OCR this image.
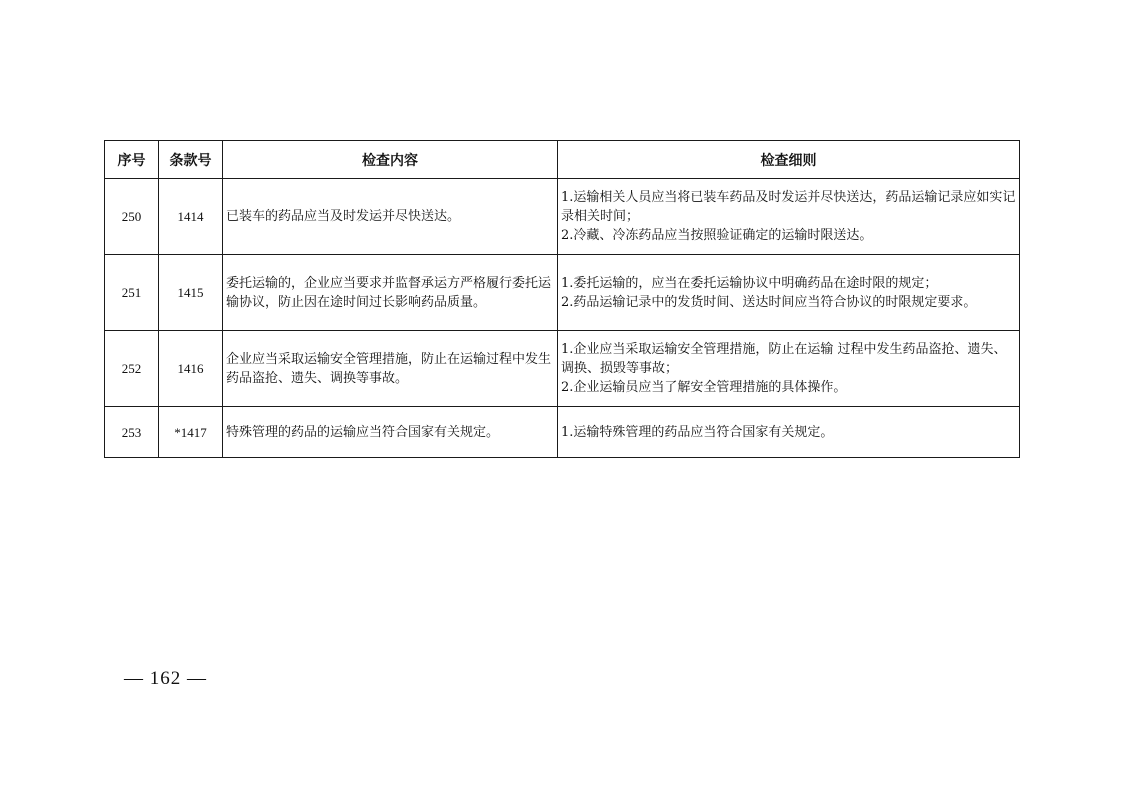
序号	条款号	检查内容	检查细则
250	1414	已装车的药品应当及时发运并尽快送达。	1.运输相关人员应当将已装车药品及时发运并尽快送达，药品运输记录应如实记录相关时间；
2.冷藏、冷冻药品应当按照验证确定的运输时限送达。

251	1415	委托运输的，企业应当要求并监督承运方严格履行委托运输协议，防止因在途时间过长影响药品质量。	1.委托运输的，应当在委托运输协议中明确药品在途时限的规定；
2.药品运输记录中的发货时间、送达时间应当符合协议的时限规定要求。

252	1416	企业应当采取运输安全管理措施，防止在运输过程中发生药品盗抢、遗失、调换等事故。	1.企业应当采取运输安全管理措施，防止在运输 过程中发生药品盗抢、遗失、调换、损毁等事故；
2.企业运输员应当了解安全管理措施的具体操作。

253	*1417	特殊管理的药品的运输应当符合国家有关规定。	1.运输特殊管理的药品应当符合国家有关规定。
— 162 —
